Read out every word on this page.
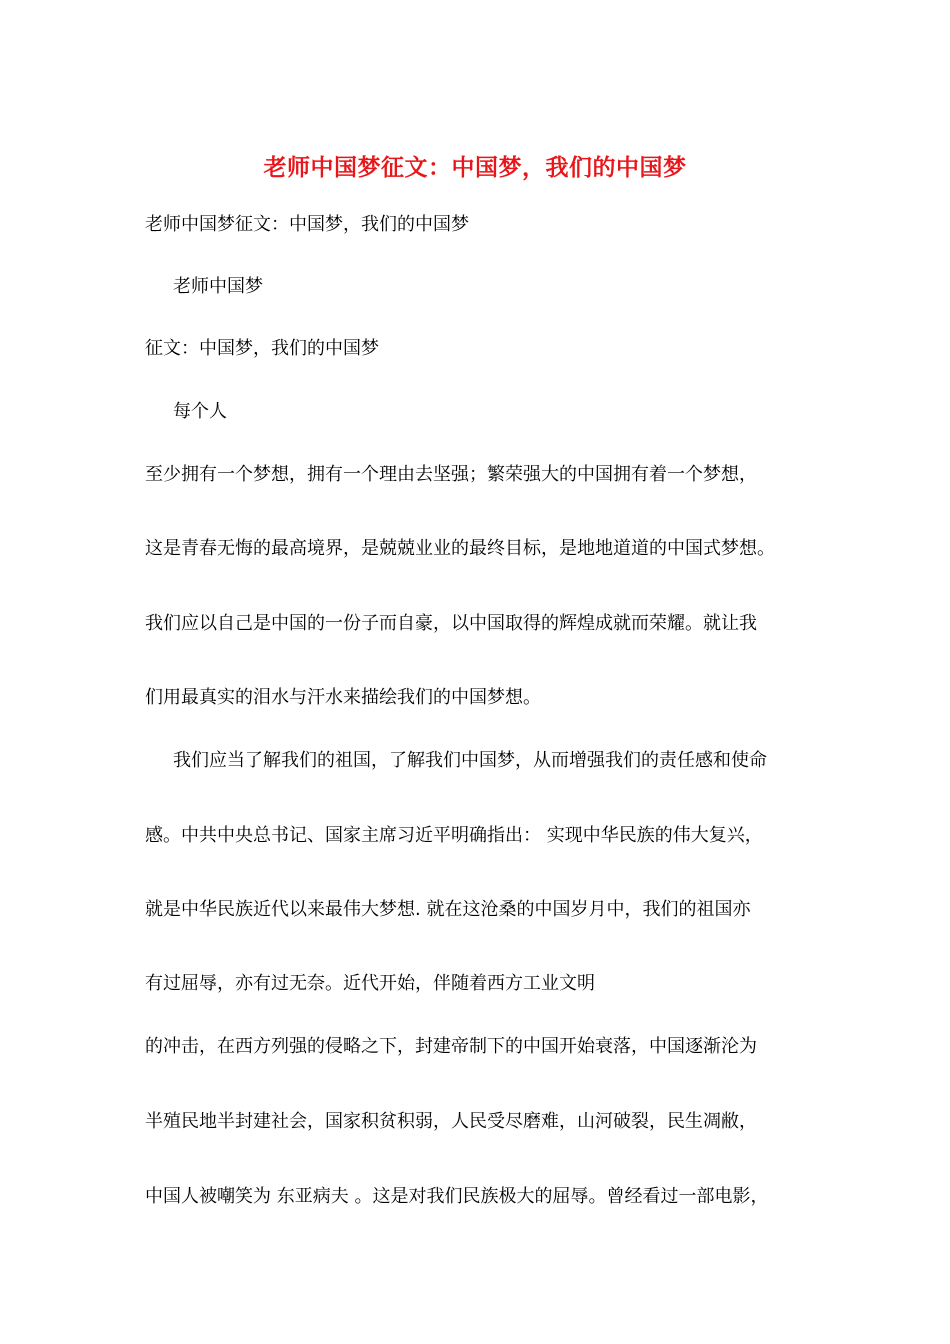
老师中国梦征文：中国梦，我们的中国梦
老师中国梦征文：中国梦，我们的中国梦
老师中国梦
征文：中国梦，我们的中国梦
每个人
至少拥有一个梦想，拥有一个理由去坚强；繁荣强大的中国拥有着一个梦想，
这是青春无悔的最高境界，是兢兢业业的最终目标，是地地道道的中国式梦想。
我们应以自己是中国的一份子而自豪，以中国取得的辉煌成就而荣耀。就让我
们用最真实的泪水与汗水来描绘我们的中国梦想。
我们应当了解我们的祖国，了解我们中国梦，从而增强我们的责任感和使命
感。中共中央总书记、国家主席习近平明确指出： 实现中华民族的伟大复兴，
就是中华民族近代以来最伟大梦想. 就在这沧桑的中国岁月中，我们的祖国亦
有过屈辱，亦有过无奈。近代开始，伴随着西方工业文明
的冲击，在西方列强的侵略之下，封建帝制下的中国开始衰落，中国逐渐沦为
半殖民地半封建社会，国家积贫积弱，人民受尽磨难，山河破裂，民生凋敝，
中国人被嘲笑为 东亚病夫 。这是对我们民族极大的屈辱。曾经看过一部电影，
